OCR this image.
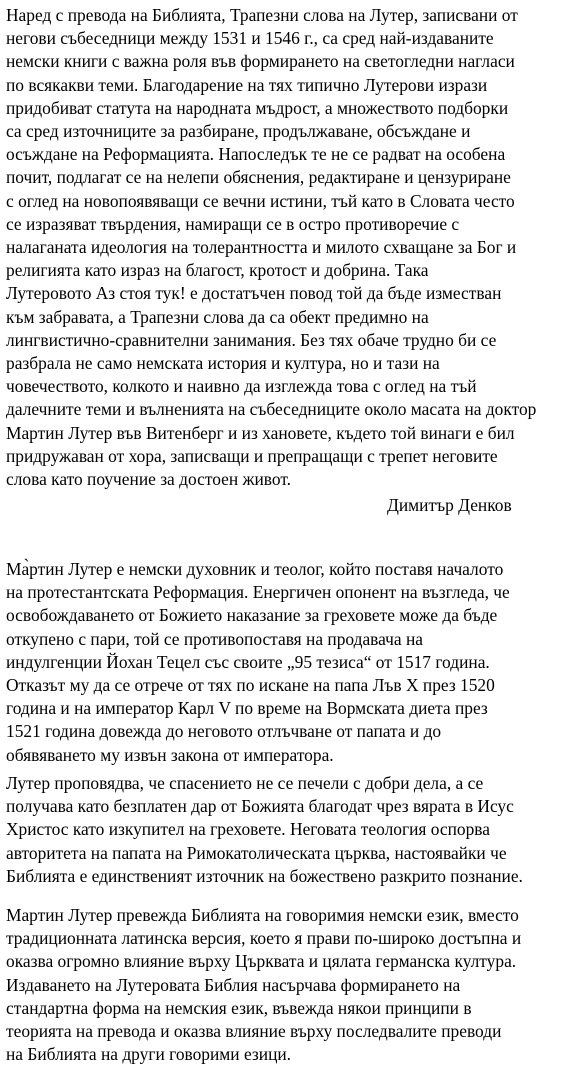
Наред с превода на Библията, Трапезни слова на Лутер, записвани от
негови събеседници между 1531 и 1546 г., са сред най-издаваните
немски книги с важна роля във формирането на светогледни нагласи
по всякакви теми. Благодарение на тях типично Лутерови изрази
придобиват статута на народната мъдрост, а множеството подборки
са сред източниците за разбиране, продължаване, обсъждане и
осъждане на Реформацията. Напоследък те не се радват на особена
почит, подлагат се на нелепи обяснения, редактиране и цензуриране
с оглед на новопоявяващи се вечни истини, тъй като в Словата често
се изразяват твърдения, намиращи се в остро противоречие с
налаганата идеология на толерантността и милото схващане за Бог и
религията като израз на благост, кротост и добрина. Така
Лутеровото Аз стоя тук! е достатъчен повод той да бъде изместван
към забравата, а Трапезни слова да са обект предимно на
лингвистично-сравнителни занимания. Без тях обаче трудно би се
разбрала не само немската история и култура, но и тази на
човечеството, колкото и наивно да изглежда това с оглед на тъй
далечните теми и вълненията на събеседниците около масата на доктор
Мартин Лутер във Витенберг и из хановете, където той винаги е бил
придружаван от хора, записващи и препращащи с трепет неговите
слова като поучение за достоен живот.

Димитър Денков

Ма̀ртин Лутер е немски духовник и теолог, който поставя началото
на протестантската Реформация. Енергичен опонент на възгледа, че
освобождаването от Божието наказание за греховете може да бъде
откупено с пари, той се противопоставя на продавача на
индулгенции Йохан Тецел със своите „95 тезиса“ от 1517 година.
Отказът му да се отрече от тях по искане на папа Лъв X през 1520
година и на император Карл V по време на Вормската диета през
1521 година довежда до неговото отлъчване от папата и до
обявяването му извън закона от императора.

Лутер проповядва, че спасението не се печели с добри дела, а се
получава като безплатен дар от Божията благодат чрез вярата в Исус
Христос като изкупител на греховете. Неговата теология оспорва
авторитета на папата на Римокатолическата църква, настоявайки че
Библията е единственият източник на божествено разкрито познание.

Мартин Лутер превежда Библията на говоримия немски език, вместо
традиционната латинска версия, което я прави по-широко достъпна и
оказва огромно влияние върху Църквата и цялата германска култура.
Издаването на Лутеровата Библия насърчава формирането на
стандартна форма на немския език, въвежда някои принципи в
теорията на превода и оказва влияние върху последвалите преводи
на Библията на други говорими езици.
